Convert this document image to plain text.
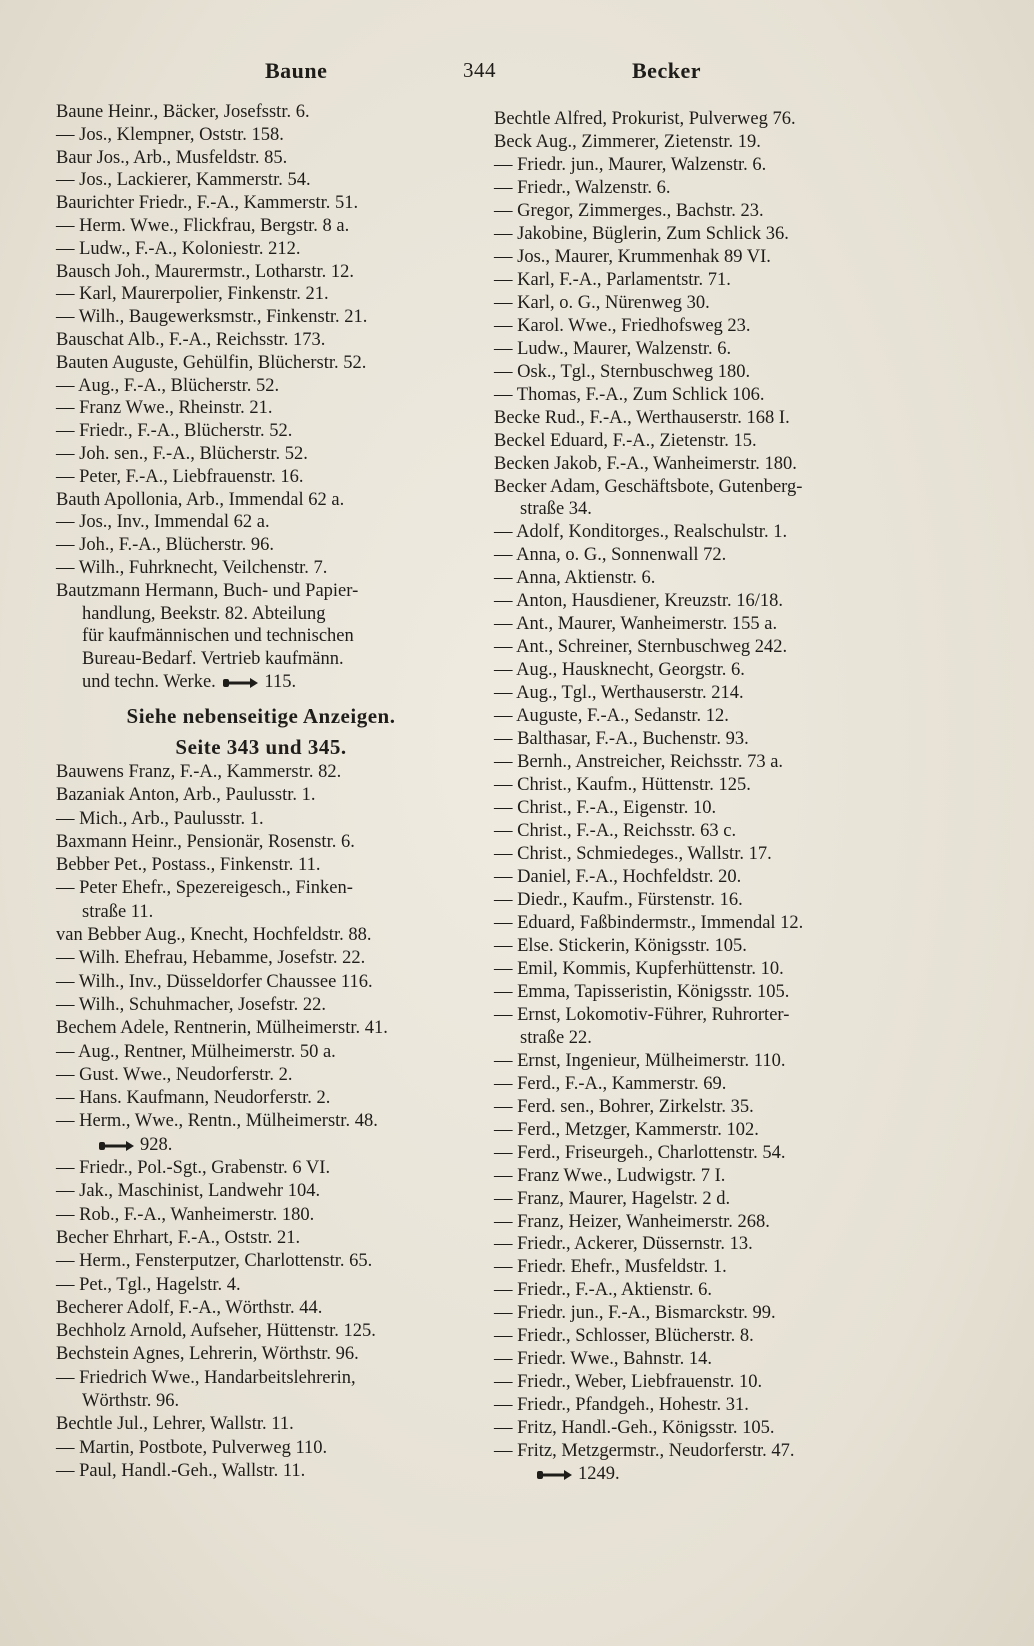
Baune	344	Becker
Baune Heinr., Bäcker, Josefsstr. 6.
— Jos., Klempner, Oststr. 158.
Baur Jos., Arb., Musfeldstr. 85.
— Jos., Lackierer, Kammerstr. 54.
Baurichter Friedr., F.-A., Kammerstr. 51.
— Herm. Wwe., Flickfrau, Bergstr. 8 a.
— Ludw., F.-A., Koloniestr. 212.
Bausch Joh., Maurermstr., Lotharstr. 12.
— Karl, Maurerpolier, Finkenstr. 21.
— Wilh., Baugewerksmstr., Finkenstr. 21.
Bauschat Alb., F.-A., Reichsstr. 173.
Bauten Auguste, Gehülfin, Blücherstr. 52.
— Aug., F.-A., Blücherstr. 52.
— Franz Wwe., Rheinstr. 21.
— Friedr., F.-A., Blücherstr. 52.
— Joh. sen., F.-A., Blücherstr. 52.
— Peter, F.-A., Liebfrauenstr. 16.
Bauth Apollonia, Arb., Immendal 62 a.
— Jos., Inv., Immendal 62 a.
— Joh., F.-A., Blücherstr. 96.
— Wilh., Fuhrknecht, Veilchenstr. 7.
Bautzmann Hermann, Buch- und Papier-
handlung, Beekstr. 82. Abteilung
für kaufmännischen und technischen
Bureau-Bedarf. Vertrieb kaufmänn.
und techn. Werke.	115.
Siehe nebenseitige Anzeigen.
Seite 343 und 345.
Bauwens Franz, F.-A., Kammerstr. 82.
Bazaniak Anton, Arb., Paulusstr. 1.
— Mich., Arb., Paulusstr. 1.
Baxmann Heinr., Pensionär, Rosenstr. 6.
Bebber Pet., Postass., Finkenstr. 11.
— Peter Ehefr., Spezereigesch., Finken-
straße 11.
van Bebber Aug., Knecht, Hochfeldstr. 88.
— Wilh. Ehefrau, Hebamme, Josefstr. 22.
— Wilh., Inv., Düsseldorfer Chaussee 116.
— Wilh., Schuhmacher, Josefstr. 22.
Bechem Adele, Rentnerin, Mülheimerstr. 41.
— Aug., Rentner, Mülheimerstr. 50 a.
— Gust. Wwe., Neudorferstr. 2.
— Hans. Kaufmann, Neudorferstr. 2.
— Herm., Wwe., Rentn., Mülheimerstr. 48.
928.
— Friedr., Pol.-Sgt., Grabenstr. 6 VI.
— Jak., Maschinist, Landwehr 104.
— Rob., F.-A., Wanheimerstr. 180.
Becher Ehrhart, F.-A., Oststr. 21.
— Herm., Fensterputzer, Charlottenstr. 65.
— Pet., Tgl., Hagelstr. 4.
Becherer Adolf, F.-A., Wörthstr. 44.
Bechholz Arnold, Aufseher, Hüttenstr. 125.
Bechstein Agnes, Lehrerin, Wörthstr. 96.
— Friedrich Wwe., Handarbeitslehrerin,
Wörthstr. 96.
Bechtle Jul., Lehrer, Wallstr. 11.
— Martin, Postbote, Pulverweg 110.
— Paul, Handl.-Geh., Wallstr. 11.
Bechtle Alfred, Prokurist, Pulverweg 76.
Beck Aug., Zimmerer, Zietenstr. 19.
— Friedr. jun., Maurer, Walzenstr. 6.
— Friedr., Walzenstr. 6.
— Gregor, Zimmerges., Bachstr. 23.
— Jakobine, Büglerin, Zum Schlick 36.
— Jos., Maurer, Krummenhak 89 VI.
— Karl, F.-A., Parlamentstr. 71.
— Karl, o. G., Nürenweg 30.
— Karol. Wwe., Friedhofsweg 23.
— Ludw., Maurer, Walzenstr. 6.
— Osk., Tgl., Sternbuschweg 180.
— Thomas, F.-A., Zum Schlick 106.
Becke Rud., F.-A., Werthauserstr. 168 I.
Beckel Eduard, F.-A., Zietenstr. 15.
Becken Jakob, F.-A., Wanheimerstr. 180.
Becker Adam, Geschäftsbote, Gutenberg-
straße 34.
— Adolf, Konditorges., Realschulstr. 1.
— Anna, o. G., Sonnenwall 72.
— Anna, Aktienstr. 6.
— Anton, Hausdiener, Kreuzstr. 16/18.
— Ant., Maurer, Wanheimerstr. 155 a.
— Ant., Schreiner, Sternbuschweg 242.
— Aug., Hausknecht, Georgstr. 6.
— Aug., Tgl., Werthauserstr. 214.
— Auguste, F.-A., Sedanstr. 12.
— Balthasar, F.-A., Buchenstr. 93.
— Bernh., Anstreicher, Reichsstr. 73 a.
— Christ., Kaufm., Hüttenstr. 125.
— Christ., F.-A., Eigenstr. 10.
— Christ., F.-A., Reichsstr. 63 c.
— Christ., Schmiedeges., Wallstr. 17.
— Daniel, F.-A., Hochfeldstr. 20.
— Diedr., Kaufm., Fürstenstr. 16.
— Eduard, Faßbindermstr., Immendal 12.
— Else. Stickerin, Königsstr. 105.
— Emil, Kommis, Kupferhüttenstr. 10.
— Emma, Tapisseristin, Königsstr. 105.
— Ernst, Lokomotiv-Führer, Ruhrorter-
straße 22.
— Ernst, Ingenieur, Mülheimerstr. 110.
— Ferd., F.-A., Kammerstr. 69.
— Ferd. sen., Bohrer, Zirkelstr. 35.
— Ferd., Metzger, Kammerstr. 102.
— Ferd., Friseurgeh., Charlottenstr. 54.
— Franz Wwe., Ludwigstr. 7 I.
— Franz, Maurer, Hagelstr. 2 d.
— Franz, Heizer, Wanheimerstr. 268.
— Friedr., Ackerer, Düssernstr. 13.
— Friedr. Ehefr., Musfeldstr. 1.
— Friedr., F.-A., Aktienstr. 6.
— Friedr. jun., F.-A., Bismarckstr. 99.
— Friedr., Schlosser, Blücherstr. 8.
— Friedr. Wwe., Bahnstr. 14.
— Friedr., Weber, Liebfrauenstr. 10.
— Friedr., Pfandgeh., Hohestr. 31.
— Fritz, Handl.-Geh., Königsstr. 105.
— Fritz, Metzgermstr., Neudorferstr. 47.
1249.
